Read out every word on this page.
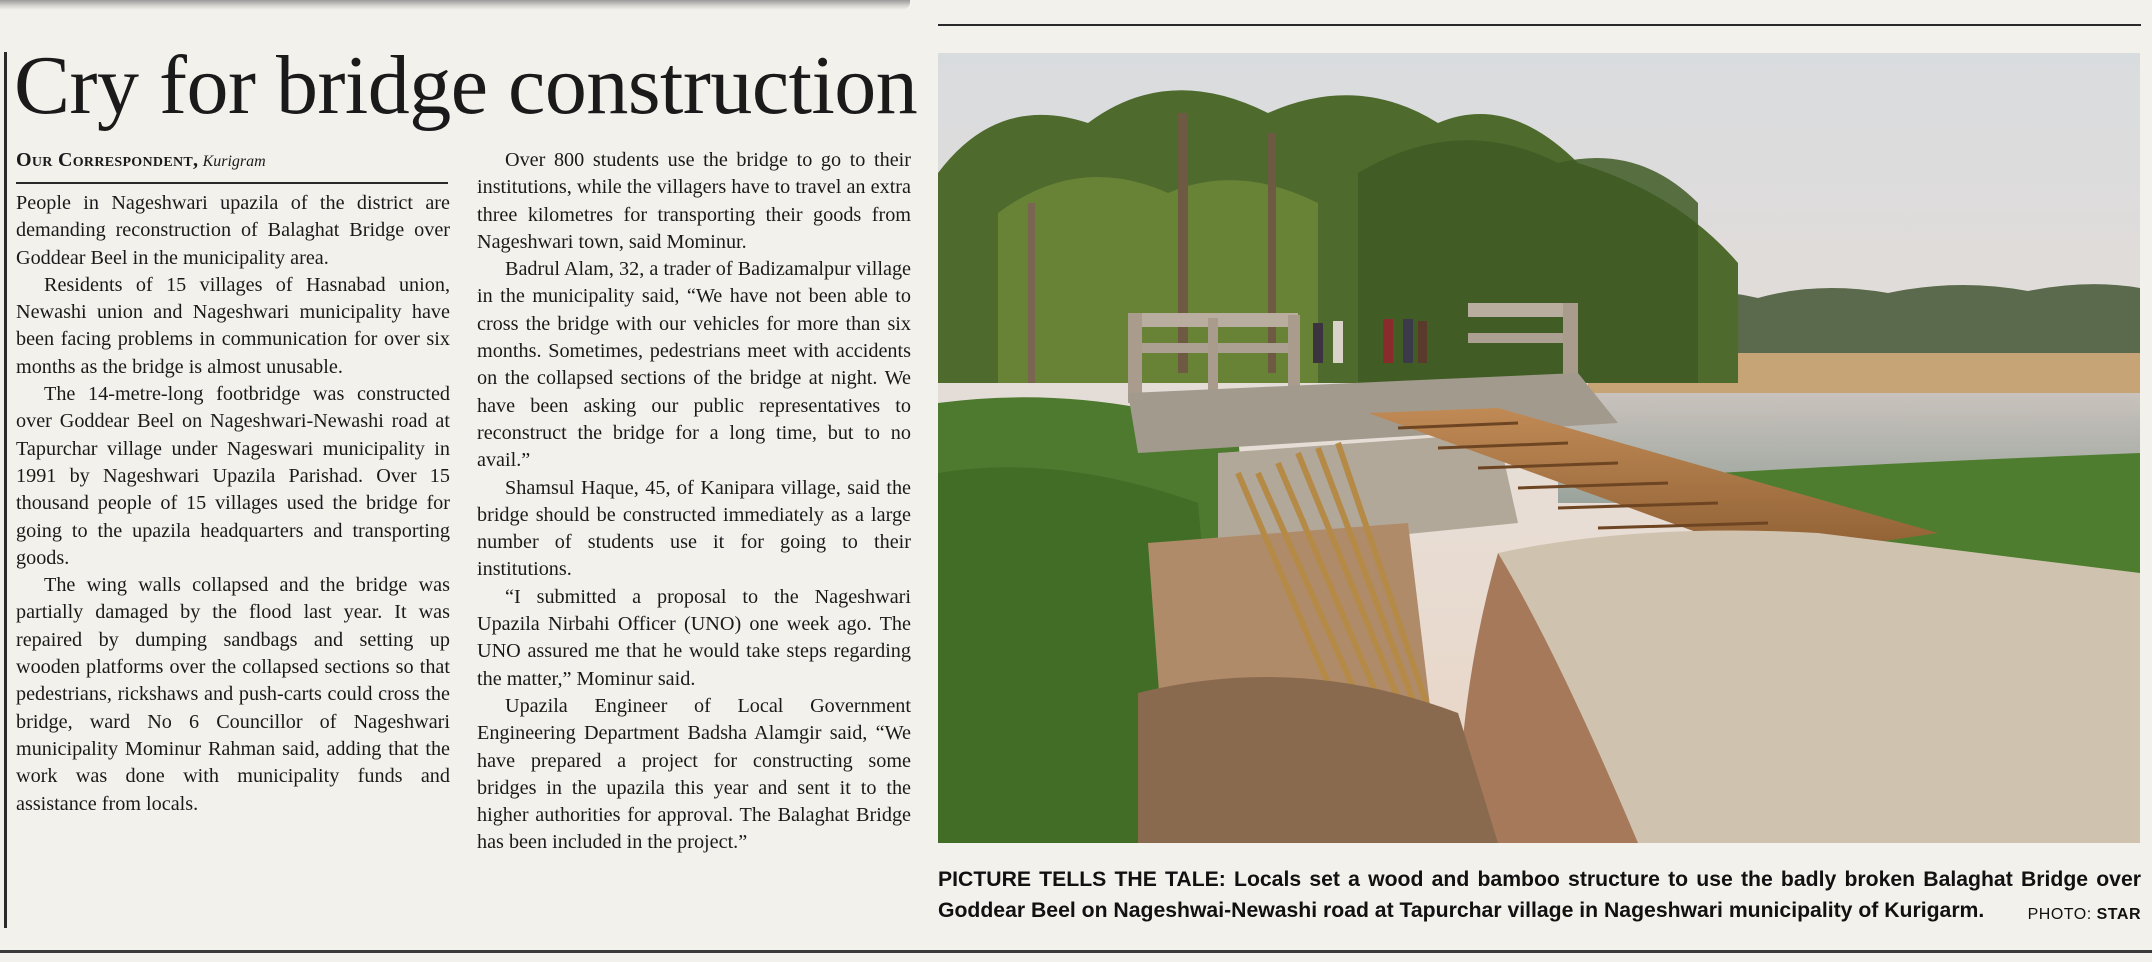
Cry for bridge construction
Our Correspondent, Kurigram

People in Nageshwari upazila of the district are demanding reconstruction of Balaghat Bridge over Goddear Beel in the municipality area.

Residents of 15 villages of Hasnabad union, Newashi union and Nageshwari municipality have been facing problems in communication for over six months as the bridge is almost unusable.

The 14-metre-long footbridge was constructed over Goddear Beel on Nageshwari-Newashi road at Tapurchar village under Nageswari municipality in 1991 by Nageshwari Upazila Parishad. Over 15 thousand people of 15 villages used the bridge for going to the upazila headquarters and transporting goods.

The wing walls collapsed and the bridge was partially damaged by the flood last year. It was repaired by dumping sandbags and setting up wooden platforms over the collapsed sections so that pedestrians, rickshaws and push-carts could cross the bridge, ward No 6 Councillor of Nageshwari municipality Mominur Rahman said, adding that the work was done with municipality funds and assistance from locals.

Over 800 students use the bridge to go to their institutions, while the villagers have to travel an extra three kilometres for transporting their goods from Nageshwari town, said Mominur.

Badrul Alam, 32, a trader of Badizamalpur village in the municipality said, “We have not been able to cross the bridge with our vehicles for more than six months. Sometimes, pedestrians meet with accidents on the collapsed sections of the bridge at night. We have been asking our public representatives to reconstruct the bridge for a long time, but to no avail.”

Shamsul Haque, 45, of Kanipara village, said the bridge should be constructed immediately as a large number of students use it for going to their institutions.

“I submitted a proposal to the Nageshwari Upazila Nirbahi Officer (UNO) one week ago. The UNO assured me that he would take steps regarding the matter,” Mominur said.

Upazila Engineer of Local Government Engineering Department Badsha Alamgir said, “We have prepared a project for constructing some bridges in the upazila this year and sent it to the higher authorities for approval. The Balaghat Bridge has been included in the project.”

PICTURE TELLS THE TALE: Locals set a wood and bamboo structure to use the badly broken Balaghat Bridge over Goddear Beel on Nageshwai-Newashi road at Tapurchar village in Nageshwari municipality of Kurigarm.	PHOTO: STAR
